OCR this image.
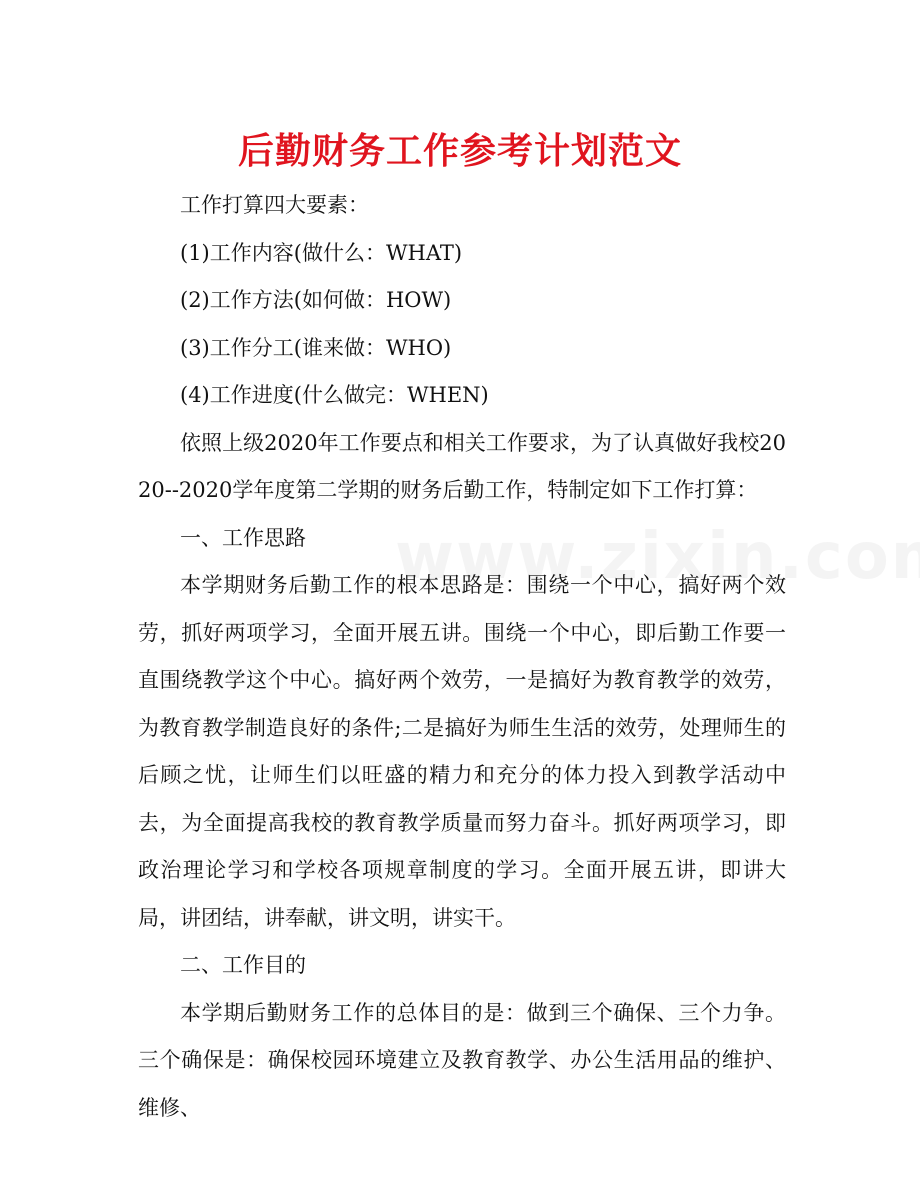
后勤财务工作参考计划范文

工作打算四大要素：

(1)工作内容(做什么：WHAT)

(2)工作方法(如何做：HOW)

(3)工作分工(谁来做：WHO)

(4)工作进度(什么做完：WHEN)

依照上级2020年工作要点和相关工作要求，为了认真做好我校2020--2020学年度第二学期的财务后勤工作，特制定如下工作打算：

一、工作思路

本学期财务后勤工作的根本思路是：围绕一个中心，搞好两个效劳，抓好两项学习，全面开展五讲。围绕一个中心，即后勤工作要一直围绕教学这个中心。搞好两个效劳，一是搞好为教育教学的效劳，为教育教学制造良好的条件;二是搞好为师生生活的效劳，处理师生的后顾之忧，让师生们以旺盛的精力和充分的体力投入到教学活动中去，为全面提高我校的教育教学质量而努力奋斗。抓好两项学习，即政治理论学习和学校各项规章制度的学习。全面开展五讲，即讲大局，讲团结，讲奉献，讲文明，讲实干。

二、工作目的

本学期后勤财务工作的总体目的是：做到三个确保、三个力争。三个确保是：确保校园环境建立及教育教学、办公生活用品的维护、维修、
